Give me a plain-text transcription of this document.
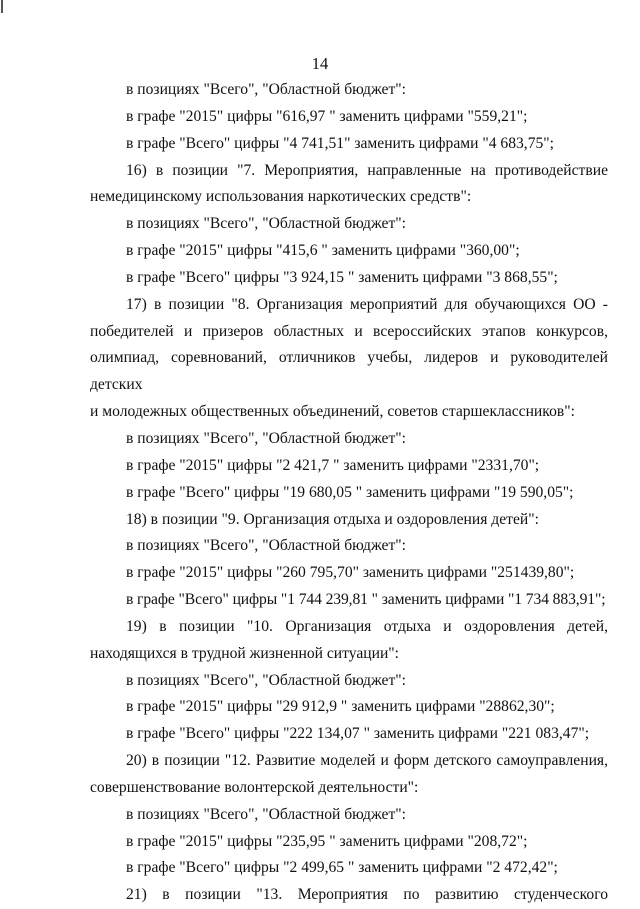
14
в позициях "Всего", "Областной бюджет":
в графе "2015" цифры "616,97 " заменить цифрами "559,21";
в графе "Всего" цифры "4 741,51" заменить цифрами "4 683,75";
16) в позиции "7. Мероприятия, направленные на противодействие
немедицинскому использования наркотических средств":
в позициях "Всего", "Областной бюджет":
в графе "2015" цифры "415,6 " заменить цифрами "360,00";
в графе "Всего" цифры "3 924,15 " заменить цифрами "3 868,55";
17) в позиции "8. Организация мероприятий для обучающихся ОО -
победителей и призеров областных и всероссийских этапов конкурсов,
олимпиад, соревнований, отличников учебы, лидеров и руководителей детских
и молодежных общественных объединений, советов старшеклассников":
в позициях "Всего", "Областной бюджет":
в графе "2015" цифры "2 421,7 " заменить цифрами "2331,70";
в графе "Всего" цифры "19 680,05 " заменить цифрами "19 590,05";
18) в позиции "9. Организация отдыха и оздоровления детей":
в позициях "Всего", "Областной бюджет":
в графе "2015" цифры "260 795,70" заменить цифрами "251439,80";
в графе "Всего" цифры "1 744 239,81 " заменить цифрами "1 734 883,91";
19) в позиции "10. Организация отдыха и оздоровления детей,
находящихся в трудной жизненной ситуации":
в позициях "Всего", "Областной бюджет":
в графе "2015" цифры "29 912,9 " заменить цифрами "28862,30";
в графе "Всего" цифры "222 134,07 " заменить цифрами "221 083,47";
20) в позиции "12. Развитие моделей и форм детского самоуправления,
совершенствование волонтерской деятельности":
в позициях "Всего", "Областной бюджет":
в графе "2015" цифры "235,95 " заменить цифрами "208,72";
в графе "Всего" цифры "2 499,65 " заменить цифрами "2 472,42";
21) в позиции "13. Мероприятия по развитию студенческого
